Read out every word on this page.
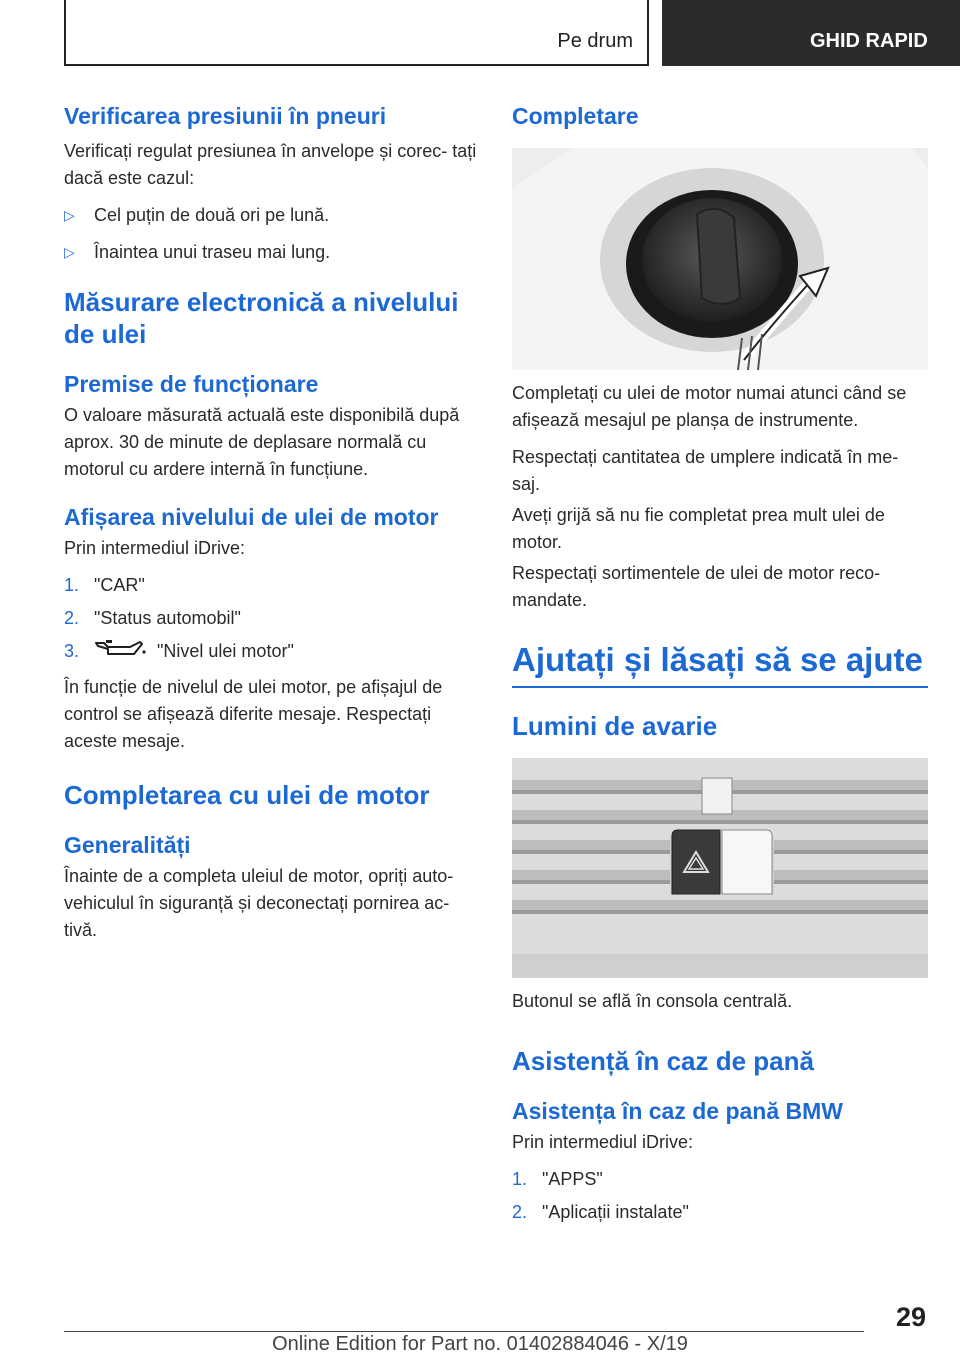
Pe drum	GHID RAPID
Verificarea presiunii în pneuri

Verificați regulat presiunea în anvelope și corec- tați dacă este cazul:

▷ Cel puțin de două ori pe lună.
▷ Înaintea unui traseu mai lung.
Măsurare electronică a nivelului de ulei
Premise de funcționare

O valoare măsurată actuală este disponibilă după aprox. 30 de minute de deplasare normală cu motorul cu ardere internă în funcțiune.

Afișarea nivelului de ulei de motor

Prin intermediul iDrive:

1. "CAR"
2. "Status automobil"
3.	"Nivel ulei motor"

În funcție de nivelul de ulei motor, pe afișajul de control se afișează diferite mesaje. Respectați aceste mesaje.

Completarea cu ulei de motor
Generalități

Înainte de a completa uleiul de motor, opriți auto- vehiculul în siguranță și deconectați pornirea ac- tivă.

Completare

Completați cu ulei de motor numai atunci când se afișează mesajul pe planșa de instrumente.

Respectați cantitatea de umplere indicată în me- saj.

Aveți grijă să nu fie completat prea mult ulei de motor.

Respectați sortimentele de ulei de motor reco- mandate.

Ajutați și lăsați să se ajute
Lumini de avarie

Butonul se află în consola centrală.

Asistență în caz de pană
Asistența în caz de pană BMW

Prin intermediul iDrive:

1. "APPS"
2. "Aplicații instalate"
29
Online Edition for Part no. 01402884046 - X/19
